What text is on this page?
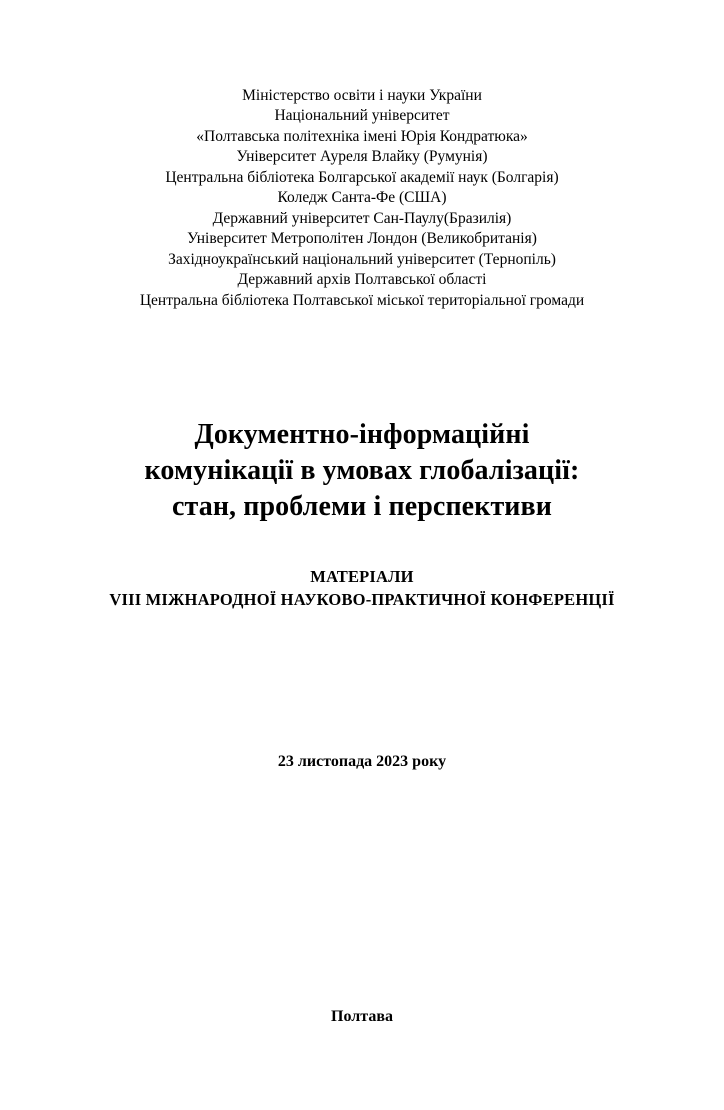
Міністерство освіти і науки України
Національний університет
«Полтавська політехніка імені Юрія Кондратюка»
Університет Ауреля Влайку (Румунія)
Центральна бібліотека Болгарської академії наук (Болгарія)
Коледж Санта-Фе (США)
Державний університет Сан-Паулу(Бразилія)
Університет Метрополітен Лондон (Великобританія)
Західноукраїнський національний університет (Тернопіль)
Державний архів Полтавської області
Центральна бібліотека Полтавської міської територіальної громади
Документно-інформаційні
комунікації в умовах глобалізації:
стан, проблеми і перспективи
МАТЕРІАЛИ
VIII МІЖНАРОДНОЇ НАУКОВО-ПРАКТИЧНОЇ КОНФЕРЕНЦІЇ
23 листопада 2023 року
Полтава
